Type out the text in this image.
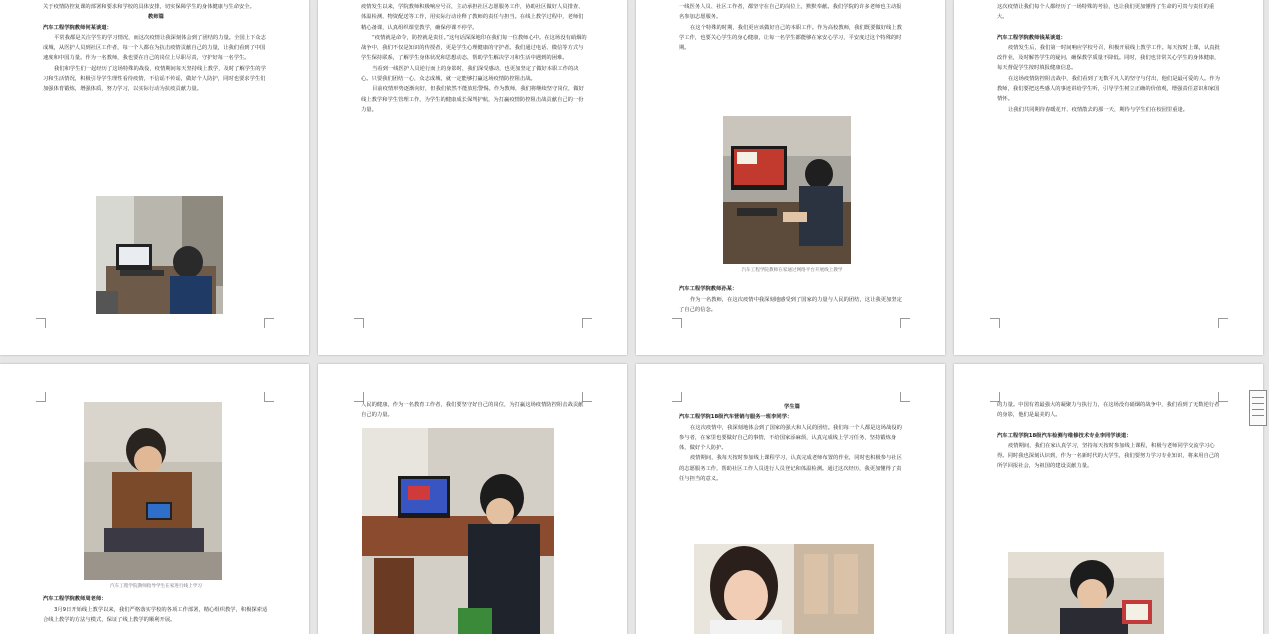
关于疫情防控复课的部署和要求和学校的具体安排，切实保障学生的身体健康与生命安全。

教师篇

汽车工程学院教师何某谈道：

平常我都是关注学生的学习情况，而这次疫情让我深刻体会到了团结的力量。全国上下众志成城，从医护人员到社区工作者，每一个人都在为抗击疫情贡献自己的力量，让我们看到了中国速度和中国力量。作为一名教师，我也要在自己的岗位上尽职尽责，守护好每一名学生。

我们和学生们一起经历了这场特殊的战役，疫情期间每天坚持线上教学，及时了解学生的学习和生活情况，积极引导学生理性看待疫情，不信谣不传谣，做好个人防护，同时也要求学生们加强体育锻炼，增强体质，努力学习，以实际行动为抗疫贡献力量。

疫情发生以来，学院教师积极响应号召，主动承担社区志愿服务工作，协助社区做好人员排查、体温检测、物资配送等工作，用实际行动诠释了教师的责任与担当。在线上教学过程中，老师们精心备课，认真组织课堂教学，确保停课不停学。

“疫情就是命令，防控就是责任。”这句话深深地印在我们每一位教师心中。在这场没有硝烟的战争中，我们不仅是知识的传授者，更是学生心理健康的守护者。我们通过电话、微信等方式与学生保持联系，了解学生身体状况和思想动态，帮助学生解决学习和生活中遇到的困难。

当看到一线医护人员逆行而上的身影时，我们深受感动，也更加坚定了做好本职工作的决心。只要我们团结一心，众志成城，就一定能够打赢这场疫情防控阻击战。

目前疫情形势逐渐向好，但我们依然不能放松警惕。作为教师，我们将继续坚守岗位，做好线上教学和学生管理工作，为学生的健康成长保驾护航，为打赢疫情防控阻击战贡献自己的一份力量。

一线医务人员、社区工作者，都坚守在自己的岗位上，默默奉献。我们学院的许多老师也主动报名参加志愿服务。

在这个特殊的时期，我们更应该做好自己的本职工作。作为高校教师，我们既要做好线上教学工作，也要关心学生的身心健康，让每一名学生都能够在家安心学习，平安度过这个特殊的时期。

汽车工程学院教师在家通过网络平台开展线上教学

汽车工程学院教师孙某：

作为一名教师，在这次疫情中我深刻地感受到了国家的力量与人民的团结，这让我更加坚定了自己的信念。

这次疫情让我们每个人都经历了一场特殊的考验，也让我们更加懂得了生命的可贵与责任的重大。

汽车工程学院教师钱某谈道：

疫情发生后，我们第一时间响应学校号召，积极开展线上教学工作。每天按时上课，认真批改作业，及时解答学生的疑问，确保教学质量不降低。同时，我们也非常关心学生的身体健康，每天督促学生按时填报健康信息。

在这场疫情防控阻击战中，我们看到了无数平凡人的坚守与付出，他们是最可爱的人。作为教师，我们要把这些感人的事迹讲给学生听，引导学生树立正确的价值观，增强责任意识和家国情怀。

让我们共同期待春暖花开、疫情散去的那一天，期待与学生们在校园里重逢。

汽车工程学院教师指导学生在家进行线上学习

汽车工程学院教师周老师：

3月9日开始线上教学以来，我们严格落实学校的各项工作部署，精心组织教学，积极探索适合线上教学的方法与模式，保证了线上教学的顺利开展。

人民的健康，作为一名教育工作者，我们要坚守好自己的岗位，为打赢这场疫情防控阻击战贡献自己的力量。

学生篇

汽车工程学院18级汽车营销与服务一班李同学：

在这次疫情中，我深刻地体会到了国家的强大和人民的团结。我们每一个人都是这场战役的参与者，在家里也要做好自己的事情，不给国家添麻烦，认真完成线上学习任务，坚持锻炼身体，做好个人防护。

疫情期间，我每天按时参加线上课程学习，认真完成老师布置的作业，同时也积极参与社区的志愿服务工作，帮助社区工作人员进行人员登记和体温检测。通过这次经历，我更加懂得了责任与担当的意义。

的力量。中国有着最强大的凝聚力与执行力，在这场没有硝烟的战争中，我们看到了无数逆行者的身影，他们是最美的人。

汽车工程学院18级汽车检测与维修技术专业李同学谈道：

疫情期间，我们在家认真学习，坚持每天按时参加线上课程，积极与老师同学交流学习心得。同时我也深刻认识到，作为一名新时代的大学生，我们要努力学习专业知识，将来用自己的所学回报社会，为祖国的建设贡献力量。
